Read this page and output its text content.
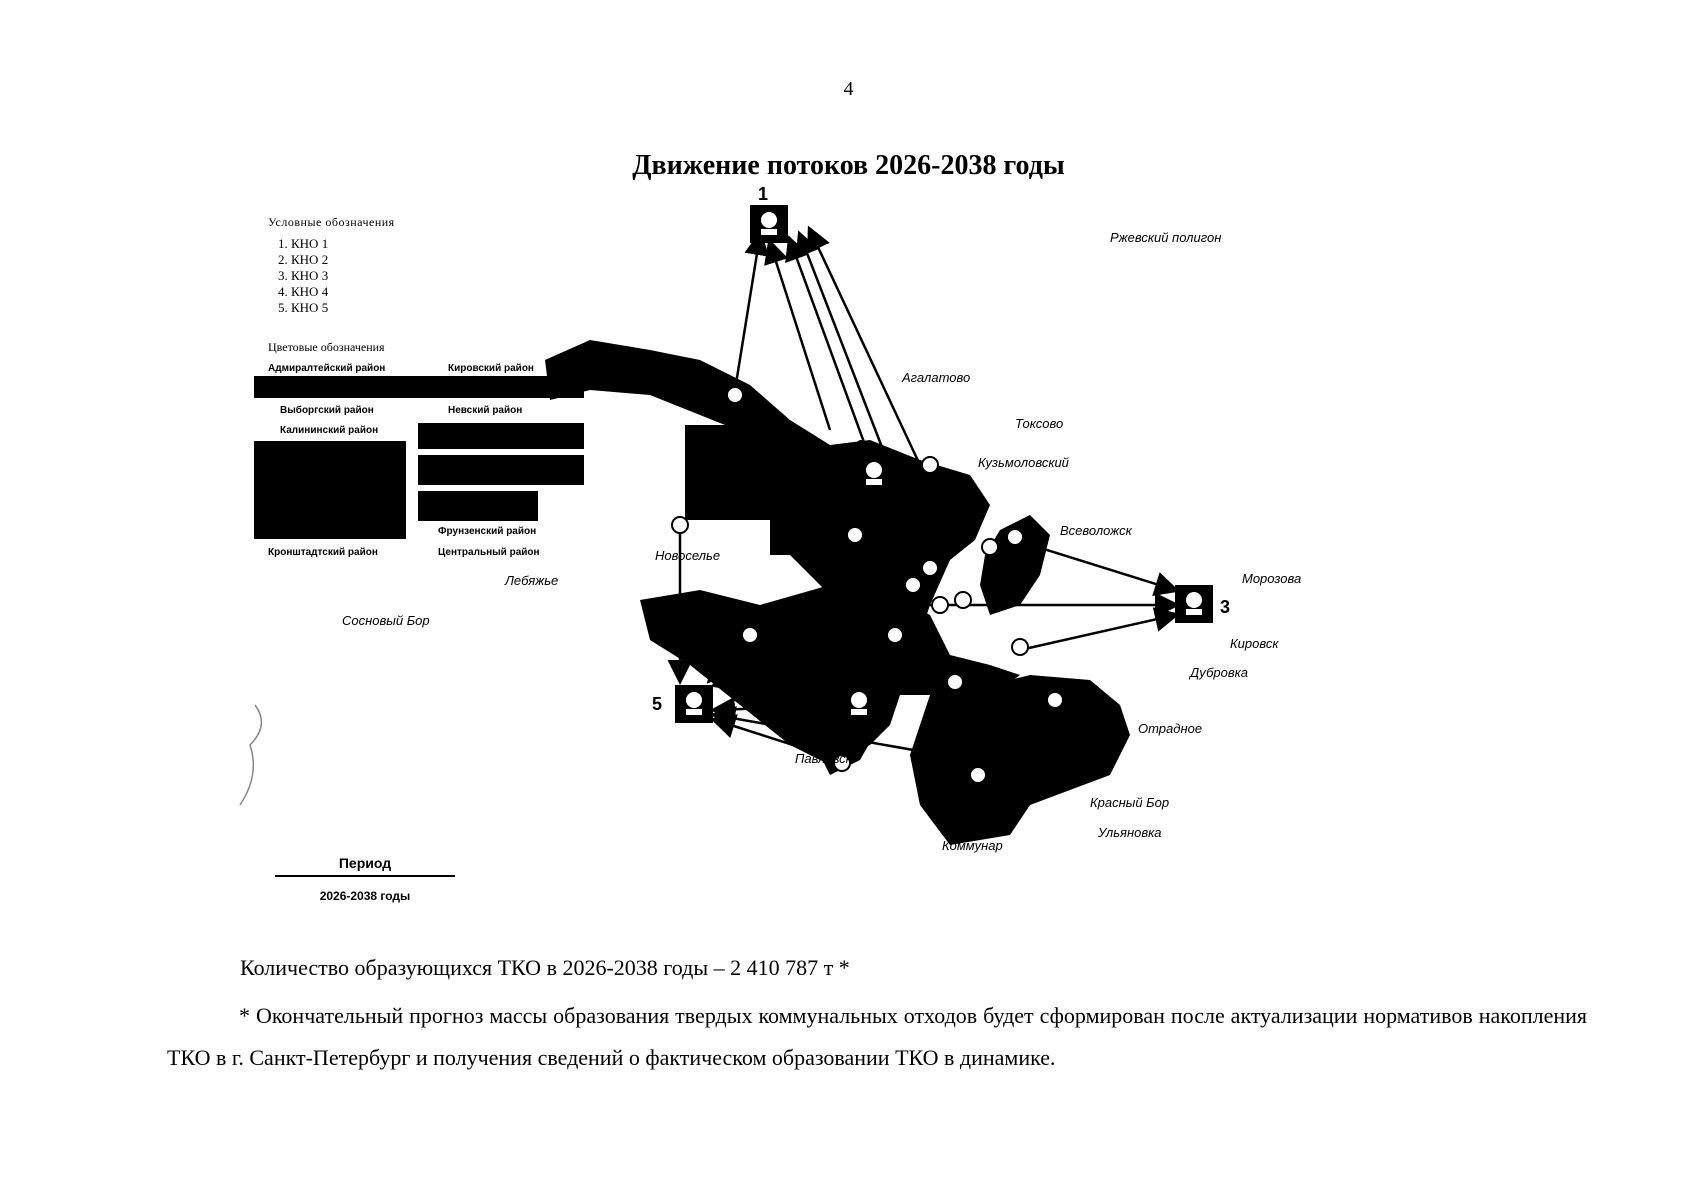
4
Движение потоков 2026-2038 годы
1
2
3
4
5
Ржевский полигон
Агалатово
Токсово
Кузьмоловский
Всеволожск
Морозова
Кировск
Дубровка
Отрадное
Красный Бор
Ульяновка
Коммунар
Павловск
Сосновый Бор
Новоселье
Лебяжье
Условные обозначения
1. КНО 1
2. КНО 2
3. КНО 3
4. КНО 4
5. КНО 5
Цветовые обозначения
Адмиралтейский район	Кировский район
Выборгский район	Невский район
Калининский район
Фрунзенский район
Кронштадтский район	Центральный район
Период
2026-2038 годы
Количество образующихся ТКО в 2026-2038 годы – 2 410 787 т *
* Окончательный прогноз массы образования твердых коммунальных отходов будет сформирован после актуализации нормативов накопления ТКО в г. Санкт-Петербург и получения сведений о фактическом образовании ТКО в динамике.
